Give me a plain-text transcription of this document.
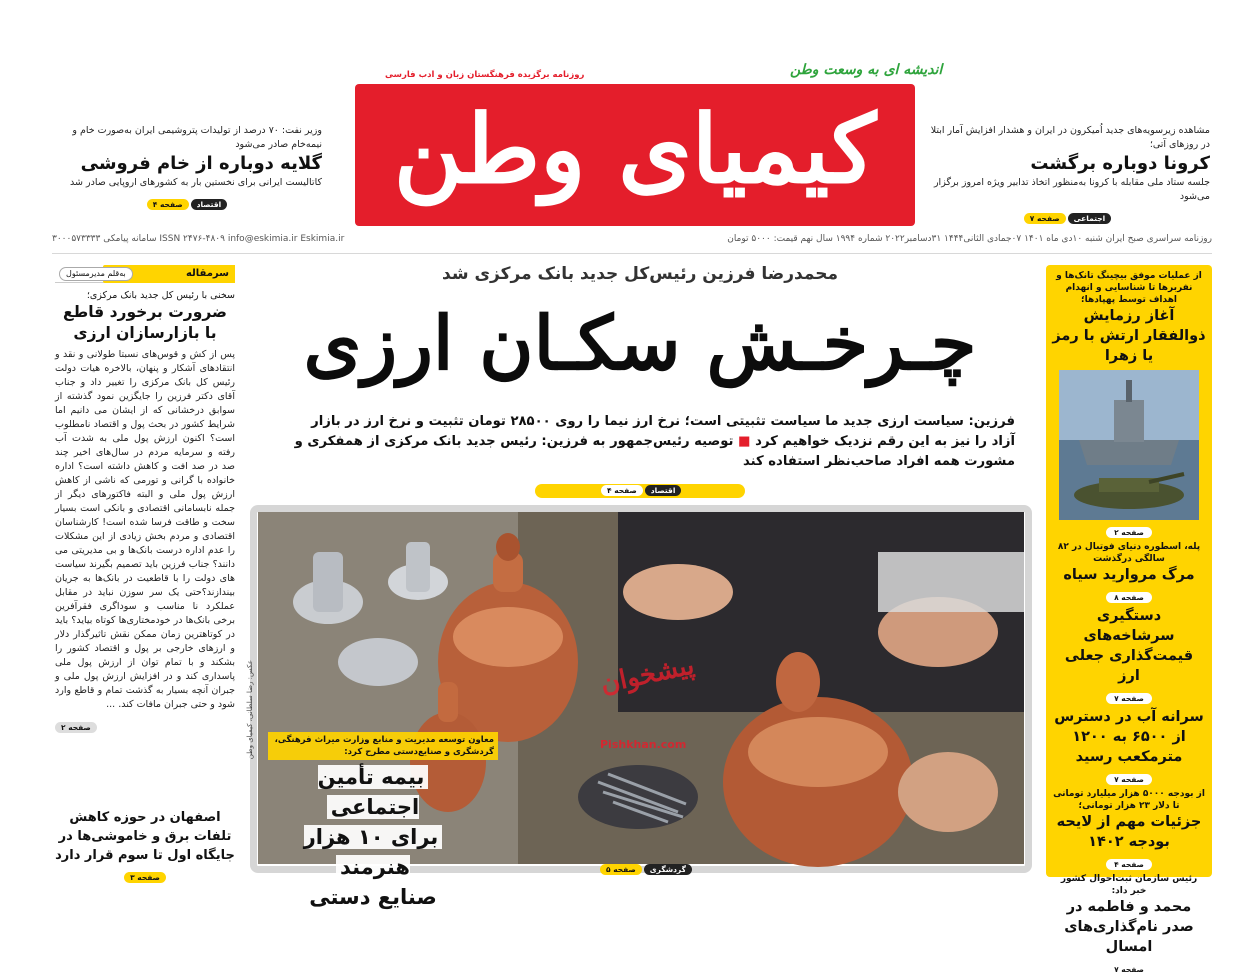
اندیشه ای به وسعت وطن
روزنامه برگزیده فرهنگستان زبان و ادب فارسی
کیمیای وطن	مشاهده زیرسویه‌های جدید اُمیکرون در ایران و هشدار افزایش آمار ابتلا در روزهای آتی؛
کرونا دوباره برگشت
جلسه ستاد ملی مقابله با کرونا به‌منظور اتخاذ تدابیر ویژه امروز برگزار می‌شود
اجتماعی
صفحه ۷
وزیر نفت: ۷۰ درصد از تولیدات پتروشیمی ایران به‌صورت خام و نیمه‌خام صادر می‌شود
گلایه دوباره از خام فروشی
کاتالیست ایرانی برای نخستین بار به کشورهای اروپایی صادر شد
اقتصاد
صفحه ۴
روزنامه سراسری صبح ایران شنبه ۱۰دی ماه ۱۴۰۱ ۰۷جمادی الثانی۱۴۴۴ ۳۱دسامبر۲۰۲۲ شماره ۱۹۹۴ سال نهم قیمت: ۵۰۰۰ تومان
ISSN ۲۴۷۶-۴۸۰۹ info@eskimia.ir Eskimia.ir سامانه پیامکی ۳۰۰۰۵۷۳۳۳۳
سرمقاله
به‌قلم مدیرمسئول
سخنی با رئیس کل جدید بانک مرکزی؛
ضرورت برخورد قاطع با بازارسازان ارزی
پس از کش و قوس‌های نسبتا طولانی و نقد و انتقادهای آشکار و پنهان، بالاخره هیات دولت رئیس کل بانک مرکزی را تغییر داد و جناب آقای دکتر فرزین را جایگزین نمود گذشته از سوابق درخشانی که از ایشان می دانیم اما شرایط کشور در بحث پول و اقتصاد نامطلوب است؟ اکنون ارزش پول ملی به شدت آب رفته و سرمایه مردم در سال‌های اخیر چند صد در صد افت و کاهش داشته است؟ اداره خانواده با گرانی و تورمی که ناشی از کاهش ارزش پول ملی و البته فاکتورهای دیگر از جمله نابسامانی اقتصادی و بانکی است بسیار سخت و طاقت فرسا شده است! کارشناسان اقتصادی و مردم بخش زیادی از این مشکلات را عدم اداره درست بانک‌ها و بی مدیریتی می دانند؟ جناب فرزین باید تصمیم بگیرند سیاست های دولت را با قاطعیت در بانک‌ها به جریان بیندازند؟حتی یک سر سوزن نباید در مقابل عملکرد نا مناسب و سوداگری فقرآفرین برخی بانک‌ها در خودمختاری‌ها کوتاه بیاید؟ باید در کوتاهترین زمان ممکن نقش تاثیرگذار دلار و ارزهای خارجی بر پول و اقتصاد کشور را بشکند و با تمام توان از ارزش پول ملی پاسداری کند و در افزایش ارزش پول ملی و جبران آنچه بسیار به گذشت تمام و قاطع وارد شود و حتی جبران مافات کند. ...
صفحه ۲
اصفهان در حوزه کاهش تلفات برق و خاموشی‌ها در جایگاه اول تا سوم قرار دارد
صفحه ۳
محمدرضا فرزین رئیس‌کل جدید بانک مرکزی شد
چـرخـش سکـان ارزی
فرزین: سیاست ارزی جدید ما سیاست تثبیتی است؛ نرخ ارز نیما را روی ۲۸۵۰۰ تومان تثبیت و نرخ ارز در بازار آزاد را نیز به این رقم نزدیک خواهیم کرد ■ توصیه رئیس‌جمهور به فرزین: رئیس جدید بانک مرکزی از همفکری و مشورت همه افراد صاحب‌نظر استفاده کند
اقتصاد
صفحه ۴
عکس: رضا سلطانی، کیمیای وطن	پیشخوان
Pishkhan.com
معاون توسعه مدیریت و منابع وزارت میراث فرهنگی، گردشگری و صنایع‌دستی مطرح کرد:
بیمه تأمین اجتماعی
برای ۱۰ هزار هنرمند
صنایع دستی
گردشگری
صفحه ۵
از عملیات موفق بیچینگ تانک‌ها و نفربرها تا شناسایی و انهدام اهداف توسط پهپادها؛
آغاز رزمایش ذوالفقار ارتش با رمز یا زهرا
صفحه ۲
پله، اسطوره دنیای فوتبال در ۸۲ سالگی درگذشت
مرگ مروارید سیاه
صفحه ۸
دستگیری سرشاخه‌های قیمت‌گذاری جعلی ارز
صفحه ۷
سرانه آب در دسترس از ۶۵۰۰ به ۱۲۰۰ مترمکعب رسید
صفحه ۷
از بودجه ۵۰۰۰ هزار میلیارد تومانی تا دلار ۲۳ هزار تومانی؛
جزئیات مهم از لایحه بودجه ۱۴۰۲
صفحه ۴
رئیس سازمان ثبت‌احوال کشور خبر داد:
محمد و فاطمه در صدر نام‌گذاری‌های امسال
صفحه ۷
